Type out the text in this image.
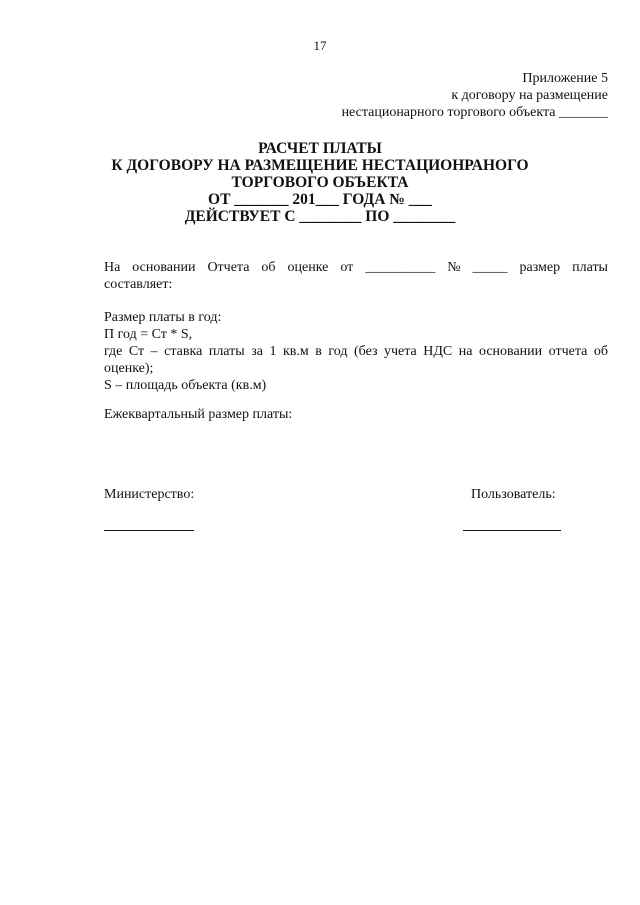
17
Приложение 5
к договору на размещение
нестационарного торгового объекта _______
РАСЧЕТ ПЛАТЫ
К ДОГОВОРУ НА РАЗМЕЩЕНИЕ НЕСТАЦИОНРАНОГО
ТОРГОВОГО ОБЪЕКТА
ОТ _______ 201___ ГОДА № ___
ДЕЙСТВУЕТ С ________ ПО ________
На основании Отчета об оценке от __________ № _____ размер платы
составляет:
Размер платы в год:
П год = Ст * S,
где Ст – ставка платы за 1 кв.м в год (без учета НДС на основании отчета об
оценке);
S – площадь объекта (кв.м)
Ежеквартальный размер платы:
Министерство:	Пользователь:
